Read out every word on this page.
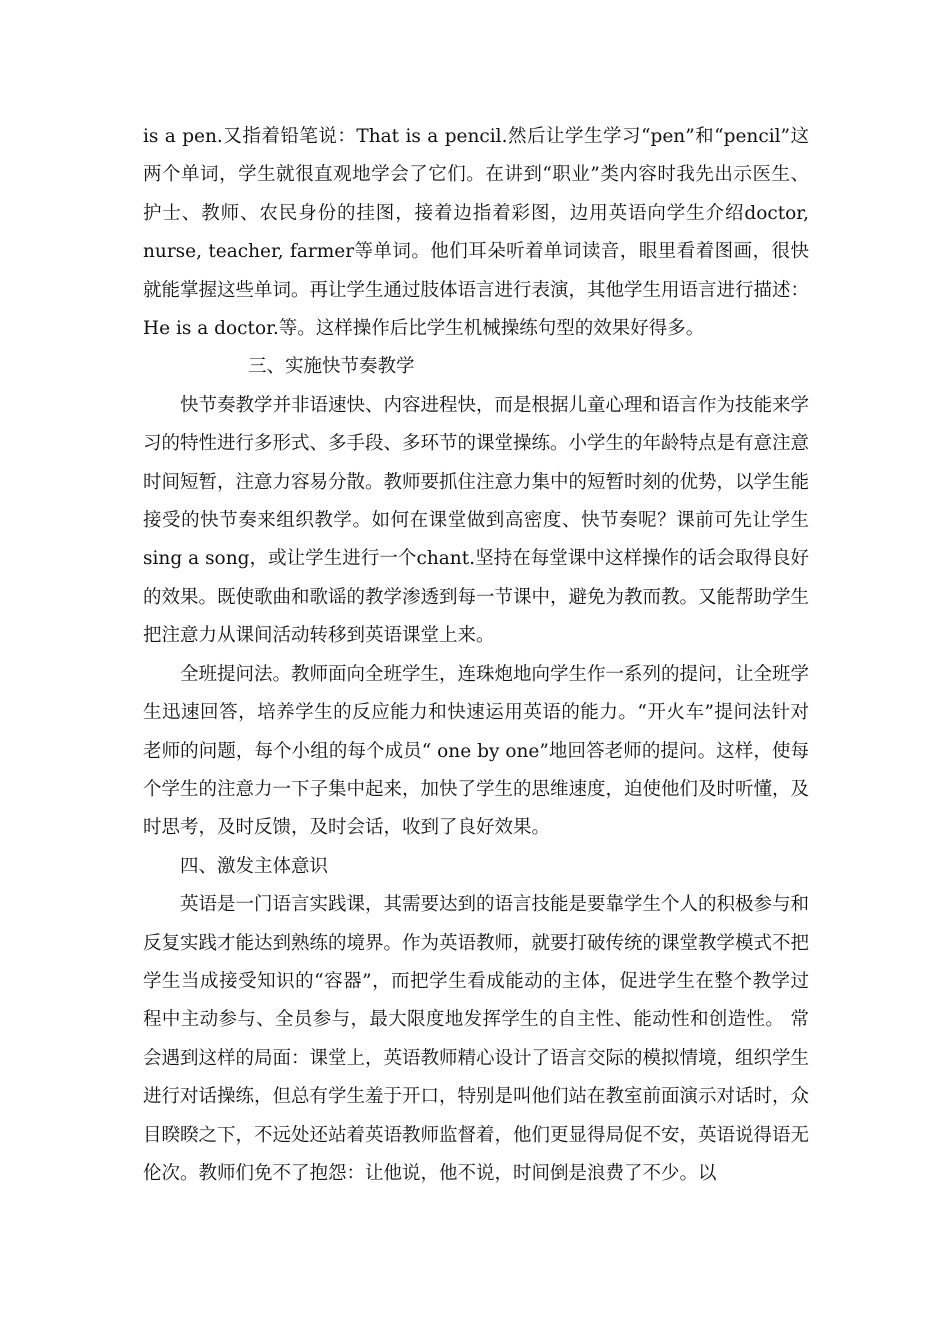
is a pen.又指着铅笔说：That is a pencil.然后让学生学习“pen”和“pencil”这两个单词，学生就很直观地学会了它们。在讲到“职业”类内容时我先出示医生、护士、教师、农民身份的挂图，接着边指着彩图，边用英语向学生介绍doctor, nurse, teacher, farmer等单词。他们耳朵听着单词读音，眼里看着图画，很快就能掌握这些单词。再让学生通过肢体语言进行表演，其他学生用语言进行描述：He is a doctor.等。这样操作后比学生机械操练句型的效果好得多。

三、实施快节奏教学

快节奏教学并非语速快、内容进程快，而是根据儿童心理和语言作为技能来学习的特性进行多形式、多手段、多环节的课堂操练。小学生的年龄特点是有意注意时间短暂，注意力容易分散。教师要抓住注意力集中的短暂时刻的优势，以学生能接受的快节奏来组织教学。如何在课堂做到高密度、快节奏呢？课前可先让学生sing a song，或让学生进行一个chant.坚持在每堂课中这样操作的话会取得良好的效果。既使歌曲和歌谣的教学渗透到每一节课中，避免为教而教。又能帮助学生把注意力从课间活动转移到英语课堂上来。

全班提问法。教师面向全班学生，连珠炮地向学生作一系列的提问，让全班学生迅速回答，培养学生的反应能力和快速运用英语的能力。“开火车”提问法针对老师的问题，每个小组的每个成员“ one by one”地回答老师的提问。这样，使每个学生的注意力一下子集中起来，加快了学生的思维速度，迫使他们及时听懂，及时思考，及时反馈，及时会话，收到了良好效果。

四、激发主体意识

英语是一门语言实践课，其需要达到的语言技能是要靠学生个人的积极参与和反复实践才能达到熟练的境界。作为英语教师，就要打破传统的课堂教学模式不把学生当成接受知识的“容器”，而把学生看成能动的主体，促进学生在整个教学过程中主动参与、全员参与，最大限度地发挥学生的自主性、能动性和创造性。 常会遇到这样的局面：课堂上，英语教师精心设计了语言交际的模拟情境，组织学生进行对话操练，但总有学生羞于开口，特别是叫他们站在教室前面演示对话时，众目睽睽之下，不远处还站着英语教师监督着，他们更显得局促不安，英语说得语无伦次。教师们免不了抱怨：让他说，他不说，时间倒是浪费了不少。以
